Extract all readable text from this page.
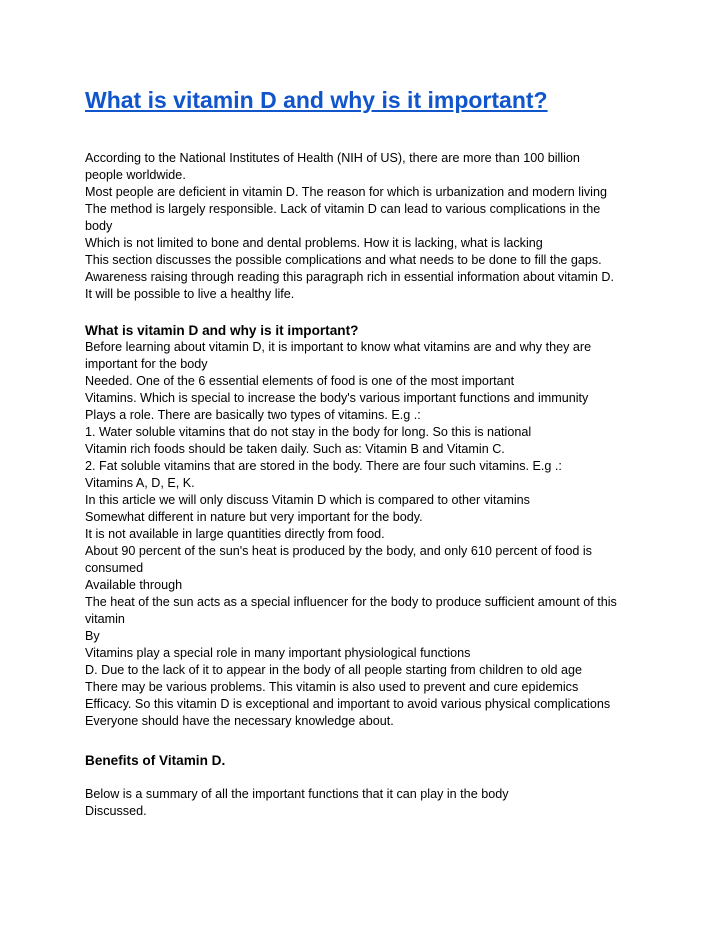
What is vitamin D and why is it important?

According to the National Institutes of Health (NIH of US), there are more than 100 billion

people worldwide.

Most people are deficient in vitamin D. The reason for which is urbanization and modern living

The method is largely responsible. Lack of vitamin D can lead to various complications in the

body

Which is not limited to bone and dental problems. How it is lacking, what is lacking

This section discusses the possible complications and what needs to be done to fill the gaps.

Awareness raising through reading this paragraph rich in essential information about vitamin D.

It will be possible to live a healthy life.

What is vitamin D and why is it important?

Before learning about vitamin D, it is important to know what vitamins are and why they are

important for the body

Needed. One of the 6 essential elements of food is one of the most important

Vitamins. Which is special to increase the body's various important functions and immunity

Plays a role. There are basically two types of vitamins. E.g .:

1. Water soluble vitamins that do not stay in the body for long. So this is national

Vitamin rich foods should be taken daily. Such as: Vitamin B and Vitamin C.

2. Fat soluble vitamins that are stored in the body. There are four such vitamins. E.g .:

Vitamins A, D, E, K.

In this article we will only discuss Vitamin D which is compared to other vitamins

Somewhat different in nature but very important for the body.

It is not available in large quantities directly from food.

About 90 percent of the sun's heat is produced by the body, and only 610 percent of food is

consumed

Available through

The heat of the sun acts as a special influencer for the body to produce sufficient amount of this

vitamin

By

Vitamins play a special role in many important physiological functions

D. Due to the lack of it to appear in the body of all people starting from children to old age

There may be various problems. This vitamin is also used to prevent and cure epidemics

Efficacy. So this vitamin D is exceptional and important to avoid various physical complications

Everyone should have the necessary knowledge about.

Benefits of Vitamin D.

Below is a summary of all the important functions that it can play in the body

Discussed.
